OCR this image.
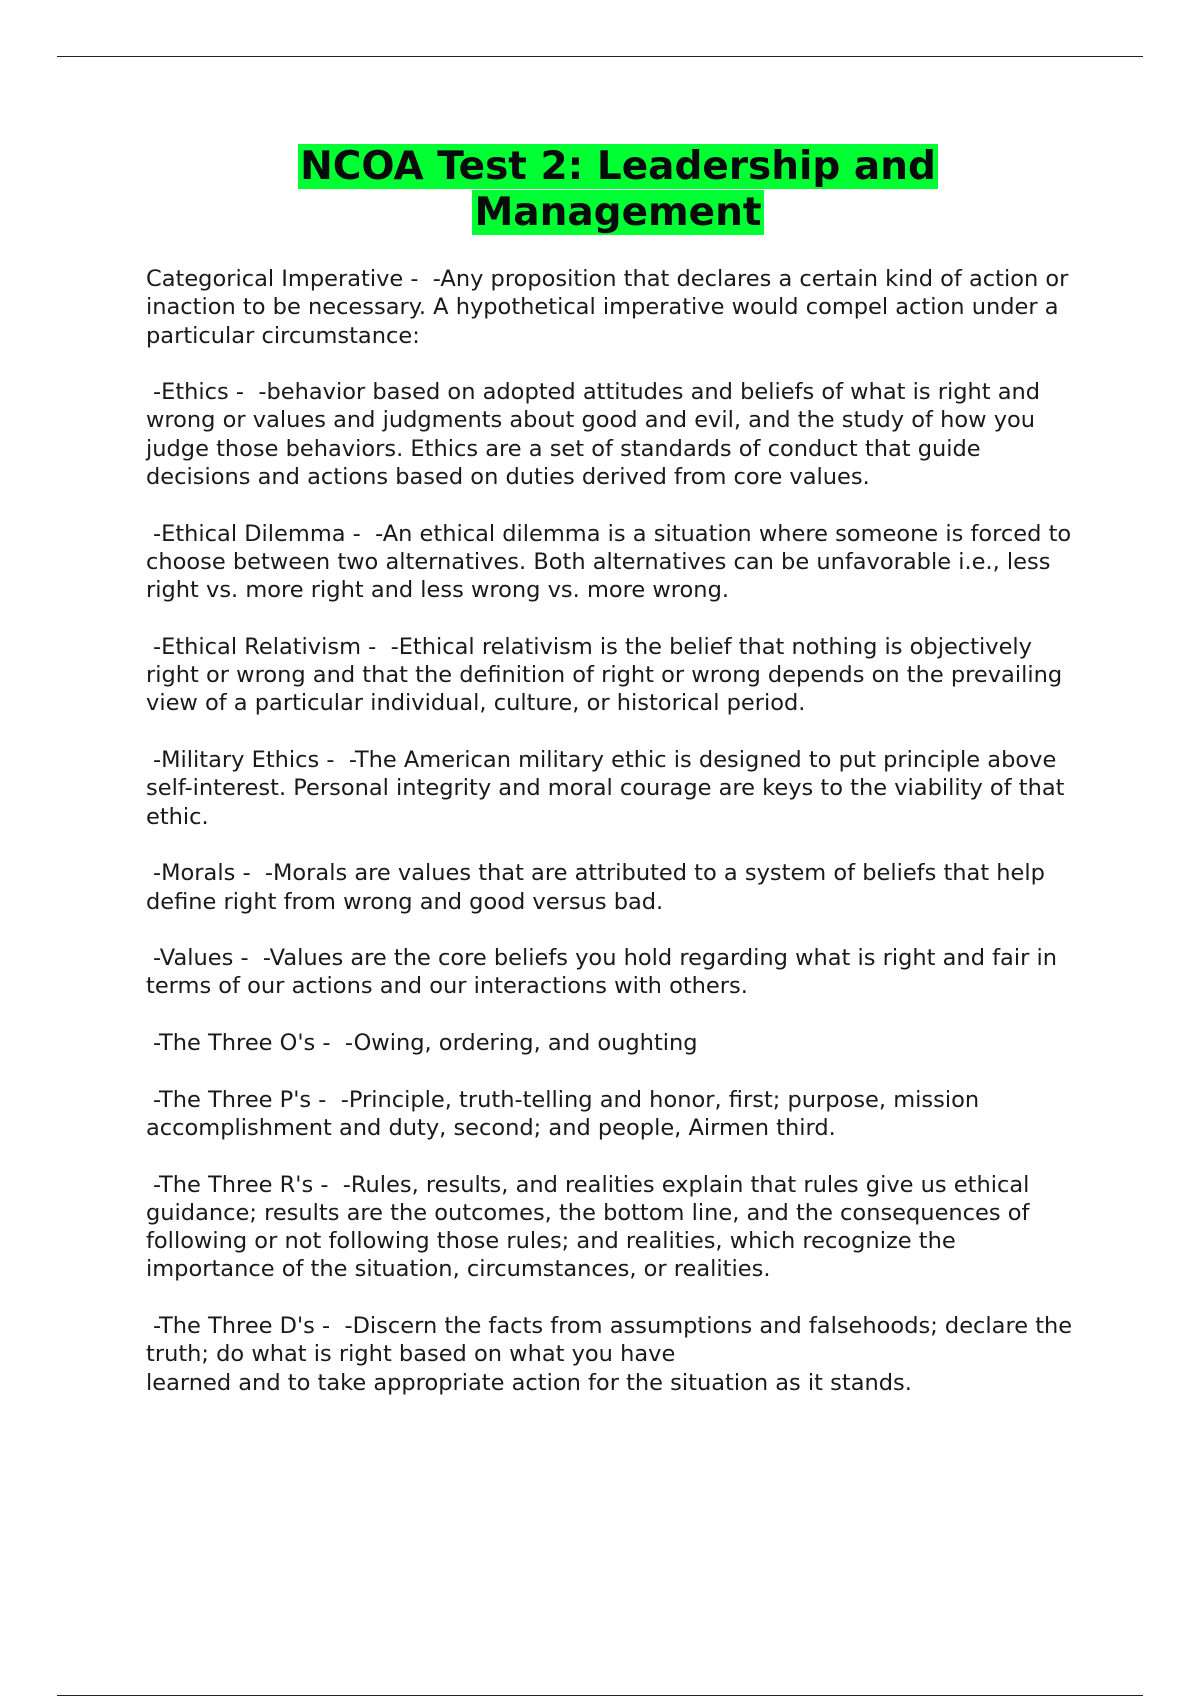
NCOA Test 2: Leadership and
Management

Categorical Imperative -  -Any proposition that declares a certain kind of action or inaction to be necessary. A hypothetical imperative would compel action under a particular circumstance:

-Ethics -  -behavior based on adopted attitudes and beliefs of what is right and wrong or values and judgments about good and evil, and the study of how you judge those behaviors. Ethics are a set of standards of conduct that guide decisions and actions based on duties derived from core values.

-Ethical Dilemma -  -An ethical dilemma is a situation where someone is forced to choose between two alternatives. Both alternatives can be unfavorable i.e., less right vs. more right and less wrong vs. more wrong.

-Ethical Relativism -  -Ethical relativism is the belief that nothing is objectively right or wrong and that the definition of right or wrong depends on the prevailing view of a particular individual, culture, or historical period.

-Military Ethics -  -The American military ethic is designed to put principle above self-interest. Personal integrity and moral courage are keys to the viability of that ethic.

-Morals -  -Morals are values that are attributed to a system of beliefs that help define right from wrong and good versus bad.

-Values -  -Values are the core beliefs you hold regarding what is right and fair in terms of our actions and our interactions with others.

-The Three O's -  -Owing, ordering, and oughting

-The Three P's -  -Principle, truth-telling and honor, first; purpose, mission accomplishment and duty, second; and people, Airmen third.

-The Three R's -  -Rules, results, and realities explain that rules give us ethical guidance; results are the outcomes, the bottom line, and the consequences of following or not following those rules; and realities, which recognize the importance of the situation, circumstances, or realities.

-The Three D's -  -Discern the facts from assumptions and falsehoods; declare the truth; do what is right based on what you have
learned and to take appropriate action for the situation as it stands.
